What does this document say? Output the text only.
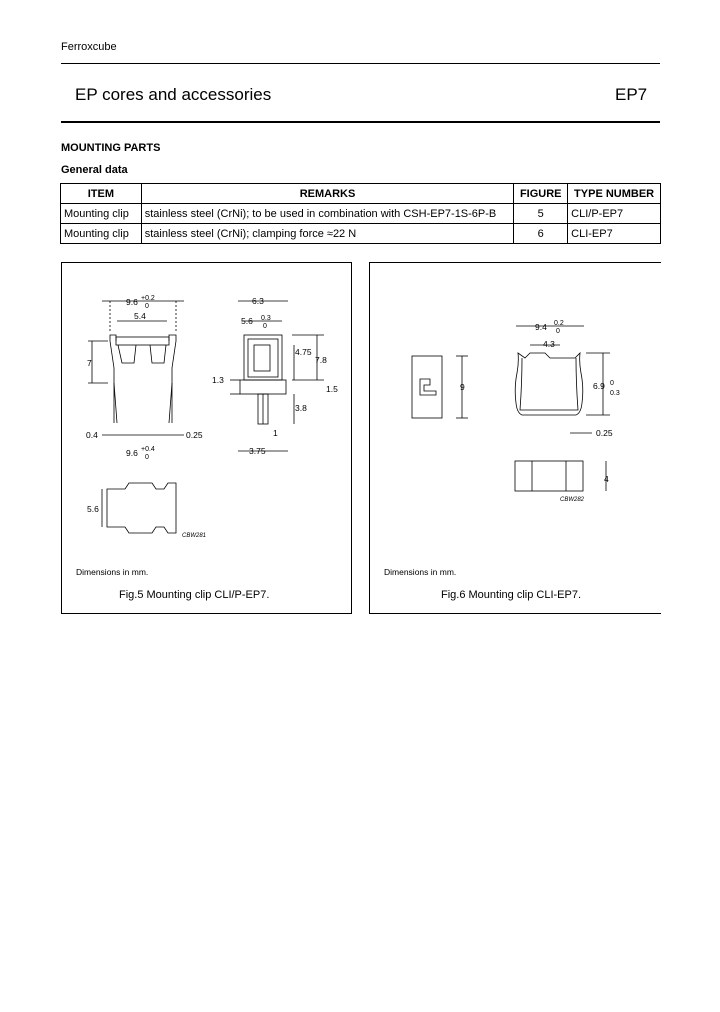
Ferroxcube
EP cores and accessories	EP7
MOUNTING PARTS
General data
ITEM	REMARKS	FIGURE	TYPE NUMBER
Mounting clip	stainless steel (CrNi); to be used in combination with CSH-EP7-1S-6P-B	5	CLI/P-EP7
Mounting clip	stainless steel (CrNi); clamping force ≈22 N	6	CLI-EP7
9.6 +0.2
0
5.4
7
0.4	0.25
9.6 +0.4
0
6.3
5.6 0.3
0
4.75
7.8
1.3
1.5
3.8
1
3.75
5.6
CBW281
Dimensions in mm.
Fig.5 Mounting clip CLI/P-EP7.
9
9.4 0.2
0
4.3
6.9 0
0.3
0.25
4
CBW282
Dimensions in mm.
Fig.6 Mounting clip CLI-EP7.
